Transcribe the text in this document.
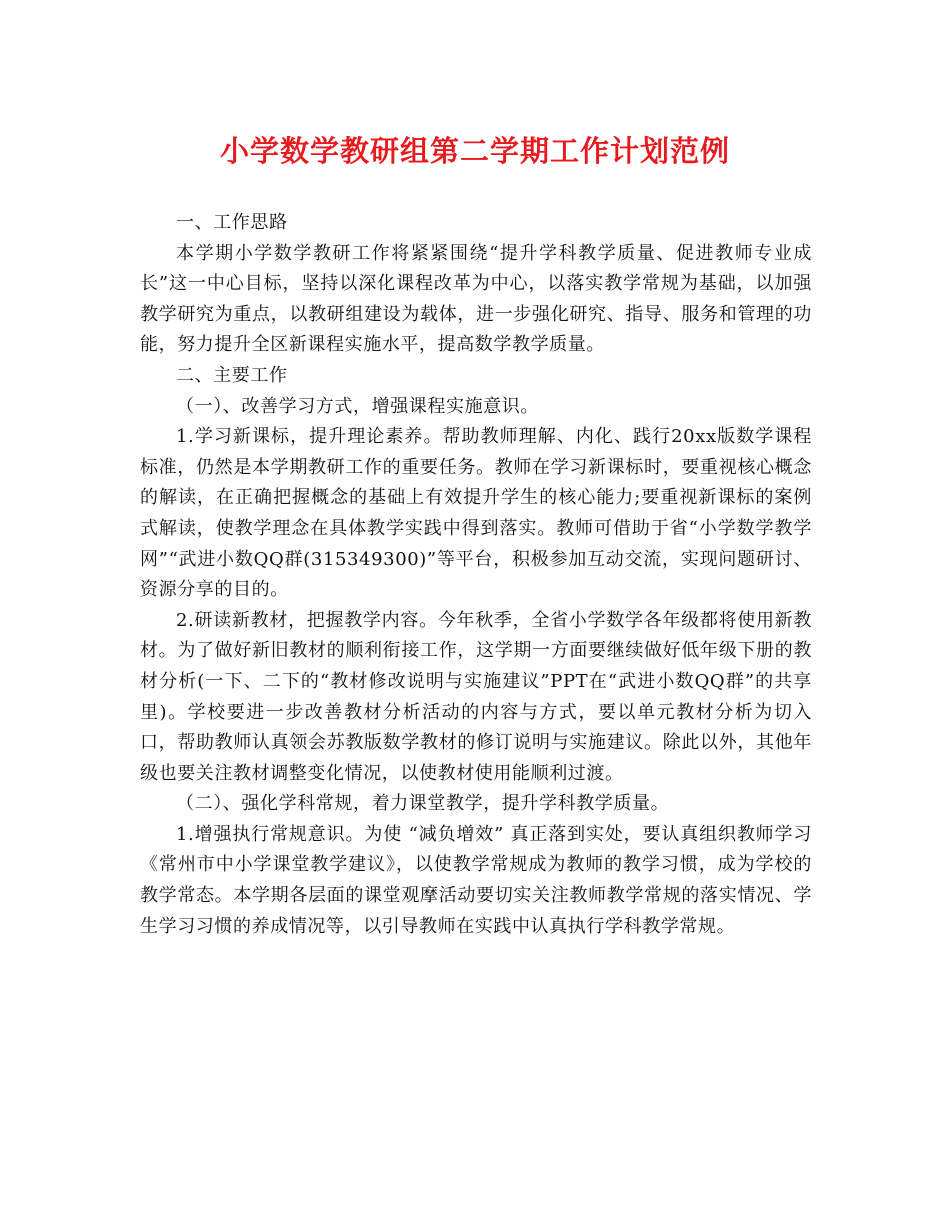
小学数学教研组第二学期工作计划范例

一、工作思路

本学期小学数学教研工作将紧紧围绕“提升学科教学质量、促进教师专业成长”这一中心目标，坚持以深化课程改革为中心，以落实教学常规为基础，以加强教学研究为重点，以教研组建设为载体，进一步强化研究、指导、服务和管理的功能，努力提升全区新课程实施水平，提高数学教学质量。

二、主要工作

（一）、改善学习方式，增强课程实施意识。

1.学习新课标，提升理论素养。帮助教师理解、内化、践行20xx版数学课程标准，仍然是本学期教研工作的重要任务。教师在学习新课标时，要重视核心概念的解读，在正确把握概念的基础上有效提升学生的核心能力;要重视新课标的案例式解读，使教学理念在具体教学实践中得到落实。教师可借助于省“小学数学教学网”“武进小数QQ群(315349300)”等平台，积极参加互动交流，实现问题研讨、资源分享的目的。

2.研读新教材，把握教学内容。今年秋季，全省小学数学各年级都将使用新教材。为了做好新旧教材的顺利衔接工作，这学期一方面要继续做好低年级下册的教材分析(一下、二下的“教材修改说明与实施建议”PPT在“武进小数QQ群”的共享里)。学校要进一步改善教材分析活动的内容与方式，要以单元教材分析为切入口，帮助教师认真领会苏教版数学教材的修订说明与实施建议。除此以外，其他年级也要关注教材调整变化情况，以使教材使用能顺利过渡。

（二）、强化学科常规，着力课堂教学，提升学科教学质量。

1.增强执行常规意识。为使 “减负增效” 真正落到实处，要认真组织教师学习《常州市中小学课堂教学建议》，以使教学常规成为教师的教学习惯，成为学校的教学常态。本学期各层面的课堂观摩活动要切实关注教师教学常规的落实情况、学生学习习惯的养成情况等，以引导教师在实践中认真执行学科教学常规。
